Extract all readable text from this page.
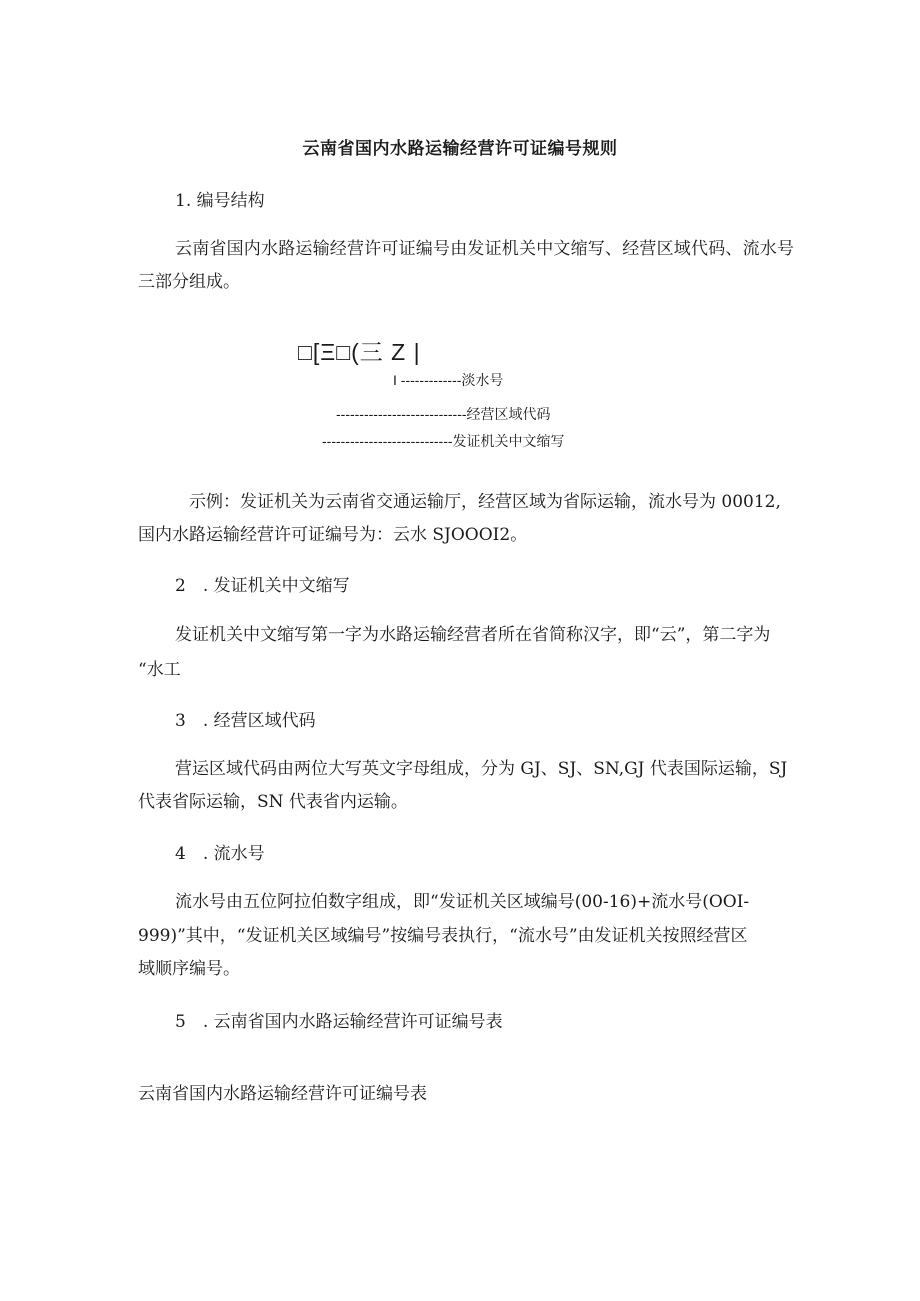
云南省国内水路运输经营许可证编号规则
1. 编号结构
云南省国内水路运输经营许可证编号由发证机关中文缩写、经营区域代码、流水号
三部分组成。
□[Ξ□(三 Z |
I -------------淡水号
----------------------------经营区域代码
----------------------------发证机关中文缩写
示例：发证机关为云南省交通运输厅，经营区域为省际运输，流水号为 00012,
国内水路运输经营许可证编号为：云水 SJOOOI2。
2　. 发证机关中文缩写
发证机关中文缩写第一字为水路运输经营者所在省简称汉字，即“云”，第二字为
“水工
3　. 经营区域代码
营运区域代码由两位大写英文字母组成，分为 GJ、SJ、SN,GJ 代表国际运输，SJ
代表省际运输，SN 代表省内运输。
4　. 流水号
流水号由五位阿拉伯数字组成，即“发证机关区域编号(00-16)+流水号(OOI-
999)”其中，“发证机关区域编号”按编号表执行，“流水号”由发证机关按照经营区
域顺序编号。
5　. 云南省国内水路运输经营许可证编号表
云南省国内水路运输经营许可证编号表
